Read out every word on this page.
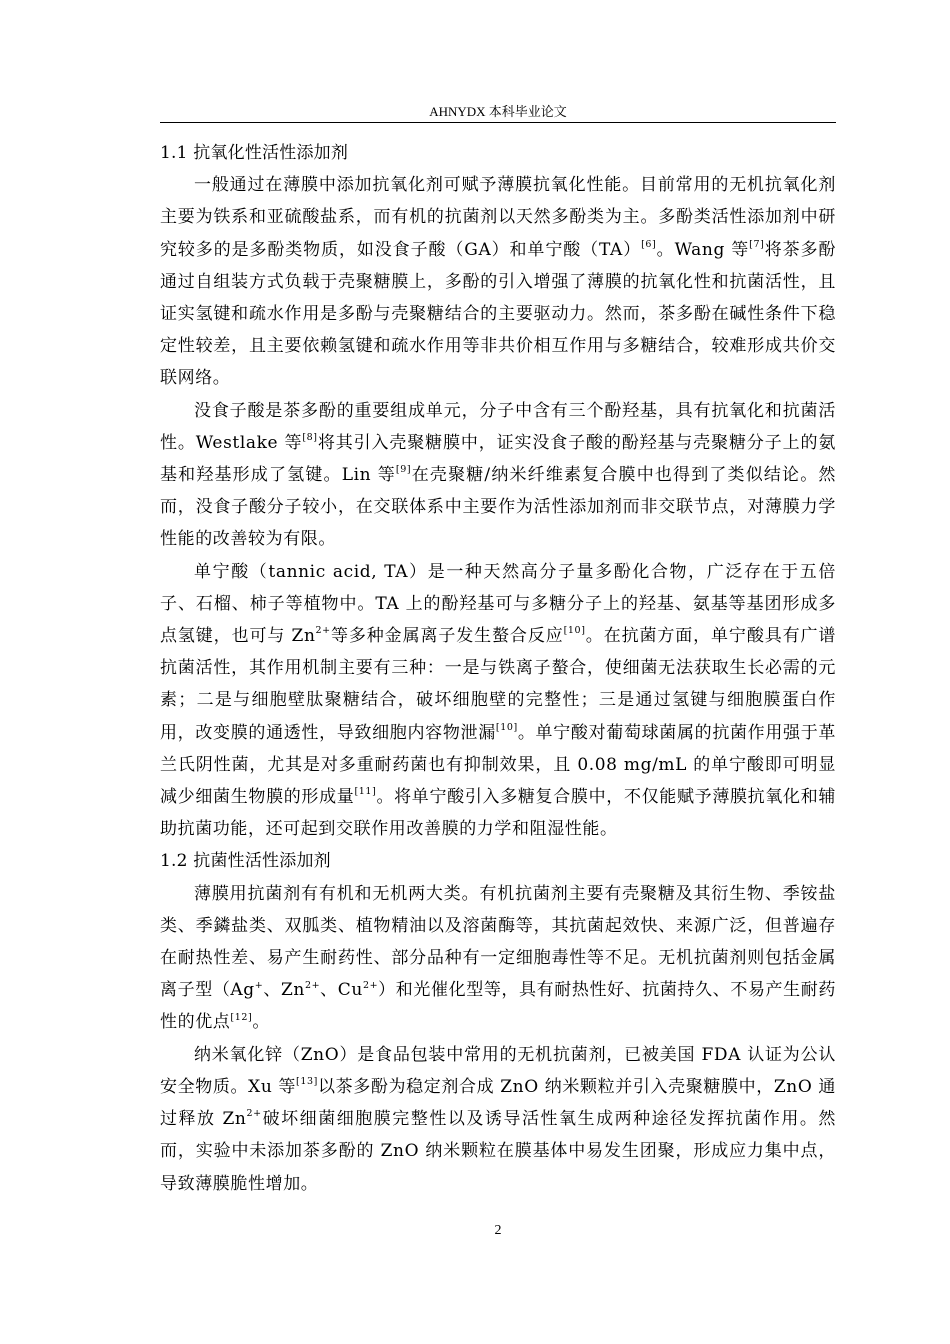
AHNYDX 本科毕业论文

1.1 抗氧化性活性添加剂

一般通过在薄膜中添加抗氧化剂可赋予薄膜抗氧化性能。目前常用的无机抗氧化剂主要为铁系和亚硫酸盐系，而有机的抗菌剂以天然多酚类为主。多酚类活性添加剂中研究较多的是多酚类物质，如没食子酸（GA）和单宁酸（TA）[6]。Wang 等[7]将茶多酚通过自组装方式负载于壳聚糖膜上，多酚的引入增强了薄膜的抗氧化性和抗菌活性，且证实氢键和疏水作用是多酚与壳聚糖结合的主要驱动力。然而，茶多酚在碱性条件下稳定性较差，且主要依赖氢键和疏水作用等非共价相互作用与多糖结合，较难形成共价交联网络。

没食子酸是茶多酚的重要组成单元，分子中含有三个酚羟基，具有抗氧化和抗菌活性。Westlake 等[8]将其引入壳聚糖膜中，证实没食子酸的酚羟基与壳聚糖分子上的氨基和羟基形成了氢键。Lin 等[9]在壳聚糖/纳米纤维素复合膜中也得到了类似结论。然而，没食子酸分子较小，在交联体系中主要作为活性添加剂而非交联节点，对薄膜力学性能的改善较为有限。

单宁酸（tannic acid, TA）是一种天然高分子量多酚化合物，广泛存在于五倍子、石榴、柿子等植物中。TA 上的酚羟基可与多糖分子上的羟基、氨基等基团形成多点氢键，也可与 $Zn^{2+}$等多种金属离子发生螯合反应[10]。在抗菌方面，单宁酸具有广谱抗菌活性，其作用机制主要有三种：一是与铁离子螯合，使细菌无法获取生长必需的元素；二是与细胞壁肽聚糖结合，破坏细胞壁的完整性；三是通过氢键与细胞膜蛋白作用，改变膜的通透性，导致细胞内容物泄漏[10]。单宁酸对葡萄球菌属的抗菌作用强于革兰氏阴性菌，尤其是对多重耐药菌也有抑制效果，且 0.08 mg/mL 的单宁酸即可明显减少细菌生物膜的形成量[11]。将单宁酸引入多糖复合膜中，不仅能赋予薄膜抗氧化和辅助抗菌功能，还可起到交联作用改善膜的力学和阻湿性能。

1.2 抗菌性活性添加剂

薄膜用抗菌剂有有机和无机两大类。有机抗菌剂主要有壳聚糖及其衍生物、季铵盐类、季鏻盐类、双胍类、植物精油以及溶菌酶等，其抗菌起效快、来源广泛，但普遍存在耐热性差、易产生耐药性、部分品种有一定细胞毒性等不足。无机抗菌剂则包括金属离子型（Ag+、$Zn^{2+}$、$Cu^{2+}$）和光催化型等，具有耐热性好、抗菌持久、不易产生耐药性的优点[12]。

纳米氧化锌（ZnO）是食品包装中常用的无机抗菌剂，已被美国 FDA 认证为公认安全物质。Xu 等[13]以茶多酚为稳定剂合成 ZnO 纳米颗粒并引入壳聚糖膜中，ZnO 通过释放 $Zn^{2+}$破坏细菌细胞膜完整性以及诱导活性氧生成两种途径发挥抗菌作用。然而，实验中未添加茶多酚的 ZnO 纳米颗粒在膜基体中易发生团聚，形成应力集中点，导致薄膜脆性增加。

2
